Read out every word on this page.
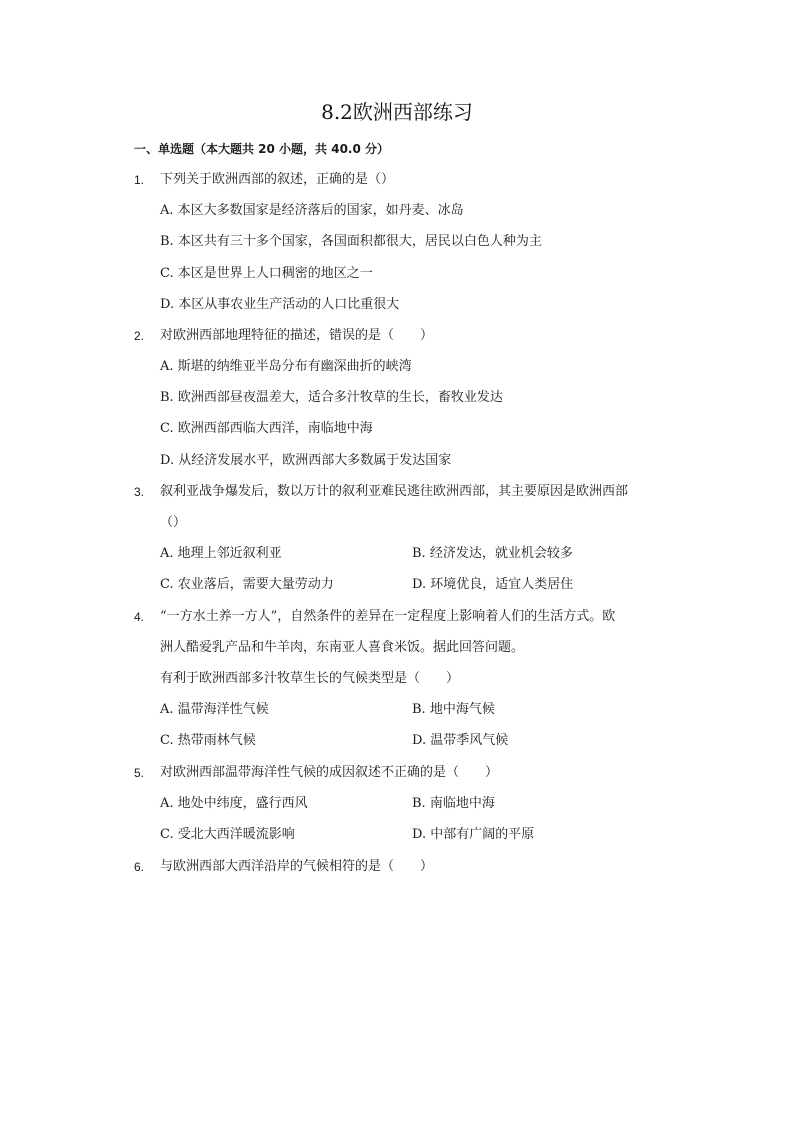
8.2欧洲西部练习
一、单选题（本大题共 20 小题，共 40.0 分）
1.	下列关于欧洲西部的叙述，正确的是（）
A. 本区大多数国家是经济落后的国家，如丹麦、冰岛
B. 本区共有三十多个国家，各国面积都很大，居民以白色人种为主
C. 本区是世界上人口稠密的地区之一
D. 本区从事农业生产活动的人口比重很大
2.	对欧洲西部地理特征的描述，错误的是（　　）
A. 斯堪的纳维亚半岛分布有幽深曲折的峡湾
B. 欧洲西部昼夜温差大，适合多汁牧草的生长，畜牧业发达
C. 欧洲西部西临大西洋，南临地中海
D. 从经济发展水平，欧洲西部大多数属于发达国家
3.	叙利亚战争爆发后，数以万计的叙利亚难民逃往欧洲西部，其主要原因是欧洲西部
（）
A. 地理上邻近叙利亚	B. 经济发达，就业机会较多
C. 农业落后，需要大量劳动力	D. 环境优良，适宜人类居住
4.	“一方水土养一方人”，自然条件的差异在一定程度上影响着人们的生活方式。欧
洲人酷爱乳产品和牛羊肉，东南亚人喜食米饭。据此回答问题。
有利于欧洲西部多汁牧草生长的气候类型是（　　）
A. 温带海洋性气候	B. 地中海气候
C. 热带雨林气候	D. 温带季风气候
5.	对欧洲西部温带海洋性气候的成因叙述不正确的是（　　）
A. 地处中纬度，盛行西风	B. 南临地中海
C. 受北大西洋暖流影响	D. 中部有广阔的平原
6.	与欧洲西部大西洋沿岸的气候相符的是（　　）
